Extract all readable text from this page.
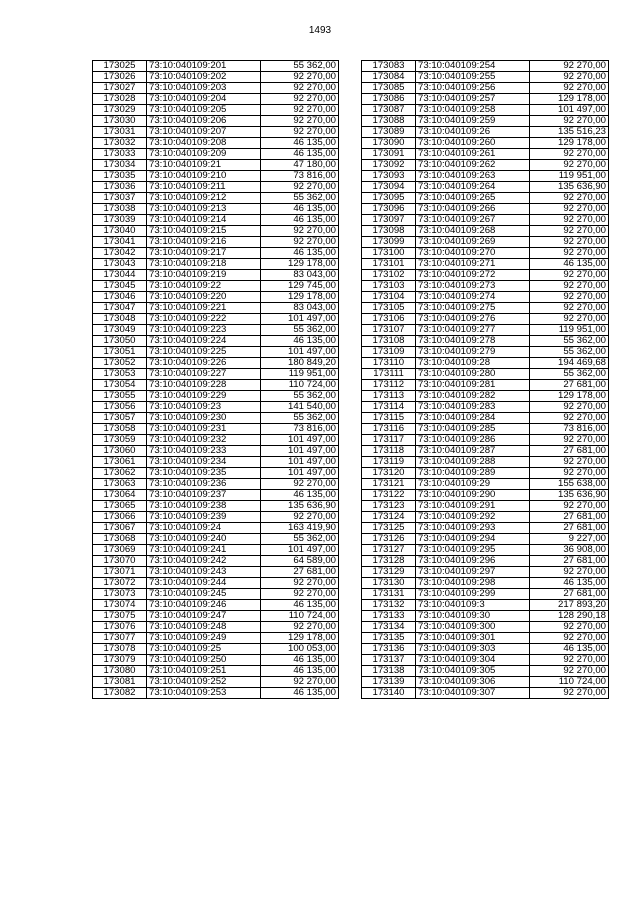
1493
173025	73:10:040109:201	55 362,00
173026	73:10:040109:202	92 270,00
173027	73:10:040109:203	92 270,00
173028	73:10:040109:204	92 270,00
173029	73:10:040109:205	92 270,00
173030	73:10:040109:206	92 270,00
173031	73:10:040109:207	92 270,00
173032	73:10:040109:208	46 135,00
173033	73:10:040109:209	46 135,00
173034	73:10:040109:21	47 180,00
173035	73:10:040109:210	73 816,00
173036	73:10:040109:211	92 270,00
173037	73:10:040109:212	55 362,00
173038	73:10:040109:213	46 135,00
173039	73:10:040109:214	46 135,00
173040	73:10:040109:215	92 270,00
173041	73:10:040109:216	92 270,00
173042	73:10:040109:217	46 135,00
173043	73:10:040109:218	129 178,00
173044	73:10:040109:219	83 043,00
173045	73:10:040109:22	129 745,00
173046	73:10:040109:220	129 178,00
173047	73:10:040109:221	83 043,00
173048	73:10:040109:222	101 497,00
173049	73:10:040109:223	55 362,00
173050	73:10:040109:224	46 135,00
173051	73:10:040109:225	101 497,00
173052	73:10:040109:226	180 849,20
173053	73:10:040109:227	119 951,00
173054	73:10:040109:228	110 724,00
173055	73:10:040109:229	55 362,00
173056	73:10:040109:23	141 540,00
173057	73:10:040109:230	55 362,00
173058	73:10:040109:231	73 816,00
173059	73:10:040109:232	101 497,00
173060	73:10:040109:233	101 497,00
173061	73:10:040109:234	101 497,00
173062	73:10:040109:235	101 497,00
173063	73:10:040109:236	92 270,00
173064	73:10:040109:237	46 135,00
173065	73:10:040109:238	135 636,90
173066	73:10:040109:239	92 270,00
173067	73:10:040109:24	163 419,90
173068	73:10:040109:240	55 362,00
173069	73:10:040109:241	101 497,00
173070	73:10:040109:242	64 589,00
173071	73:10:040109:243	27 681,00
173072	73:10:040109:244	92 270,00
173073	73:10:040109:245	92 270,00
173074	73:10:040109:246	46 135,00
173075	73:10:040109:247	110 724,00
173076	73:10:040109:248	92 270,00
173077	73:10:040109:249	129 178,00
173078	73:10:040109:25	100 053,00
173079	73:10:040109:250	46 135,00
173080	73:10:040109:251	46 135,00
173081	73:10:040109:252	92 270,00
173082	73:10:040109:253	46 135,00
173083	73:10:040109:254	92 270,00
173084	73:10:040109:255	92 270,00
173085	73:10:040109:256	92 270,00
173086	73:10:040109:257	129 178,00
173087	73:10:040109:258	101 497,00
173088	73:10:040109:259	92 270,00
173089	73:10:040109:26	135 516,23
173090	73:10:040109:260	129 178,00
173091	73:10:040109:261	92 270,00
173092	73:10:040109:262	92 270,00
173093	73:10:040109:263	119 951,00
173094	73:10:040109:264	135 636,90
173095	73:10:040109:265	92 270,00
173096	73:10:040109:266	92 270,00
173097	73:10:040109:267	92 270,00
173098	73:10:040109:268	92 270,00
173099	73:10:040109:269	92 270,00
173100	73:10:040109:270	92 270,00
173101	73:10:040109:271	46 135,00
173102	73:10:040109:272	92 270,00
173103	73:10:040109:273	92 270,00
173104	73:10:040109:274	92 270,00
173105	73:10:040109:275	92 270,00
173106	73:10:040109:276	92 270,00
173107	73:10:040109:277	119 951,00
173108	73:10:040109:278	55 362,00
173109	73:10:040109:279	55 362,00
173110	73:10:040109:28	194 469,68
173111	73:10:040109:280	55 362,00
173112	73:10:040109:281	27 681,00
173113	73:10:040109:282	129 178,00
173114	73:10:040109:283	92 270,00
173115	73:10:040109:284	92 270,00
173116	73:10:040109:285	73 816,00
173117	73:10:040109:286	92 270,00
173118	73:10:040109:287	27 681,00
173119	73:10:040109:288	92 270,00
173120	73:10:040109:289	92 270,00
173121	73:10:040109:29	155 638,00
173122	73:10:040109:290	135 636,90
173123	73:10:040109:291	92 270,00
173124	73:10:040109:292	27 681,00
173125	73:10:040109:293	27 681,00
173126	73:10:040109:294	9 227,00
173127	73:10:040109:295	36 908,00
173128	73:10:040109:296	27 681,00
173129	73:10:040109:297	92 270,00
173130	73:10:040109:298	46 135,00
173131	73:10:040109:299	27 681,00
173132	73:10:040109:3	217 893,20
173133	73:10:040109:30	128 290,18
173134	73:10:040109:300	92 270,00
173135	73:10:040109:301	92 270,00
173136	73:10:040109:303	46 135,00
173137	73:10:040109:304	92 270,00
173138	73:10:040109:305	92 270,00
173139	73:10:040109:306	110 724,00
173140	73:10:040109:307	92 270,00
